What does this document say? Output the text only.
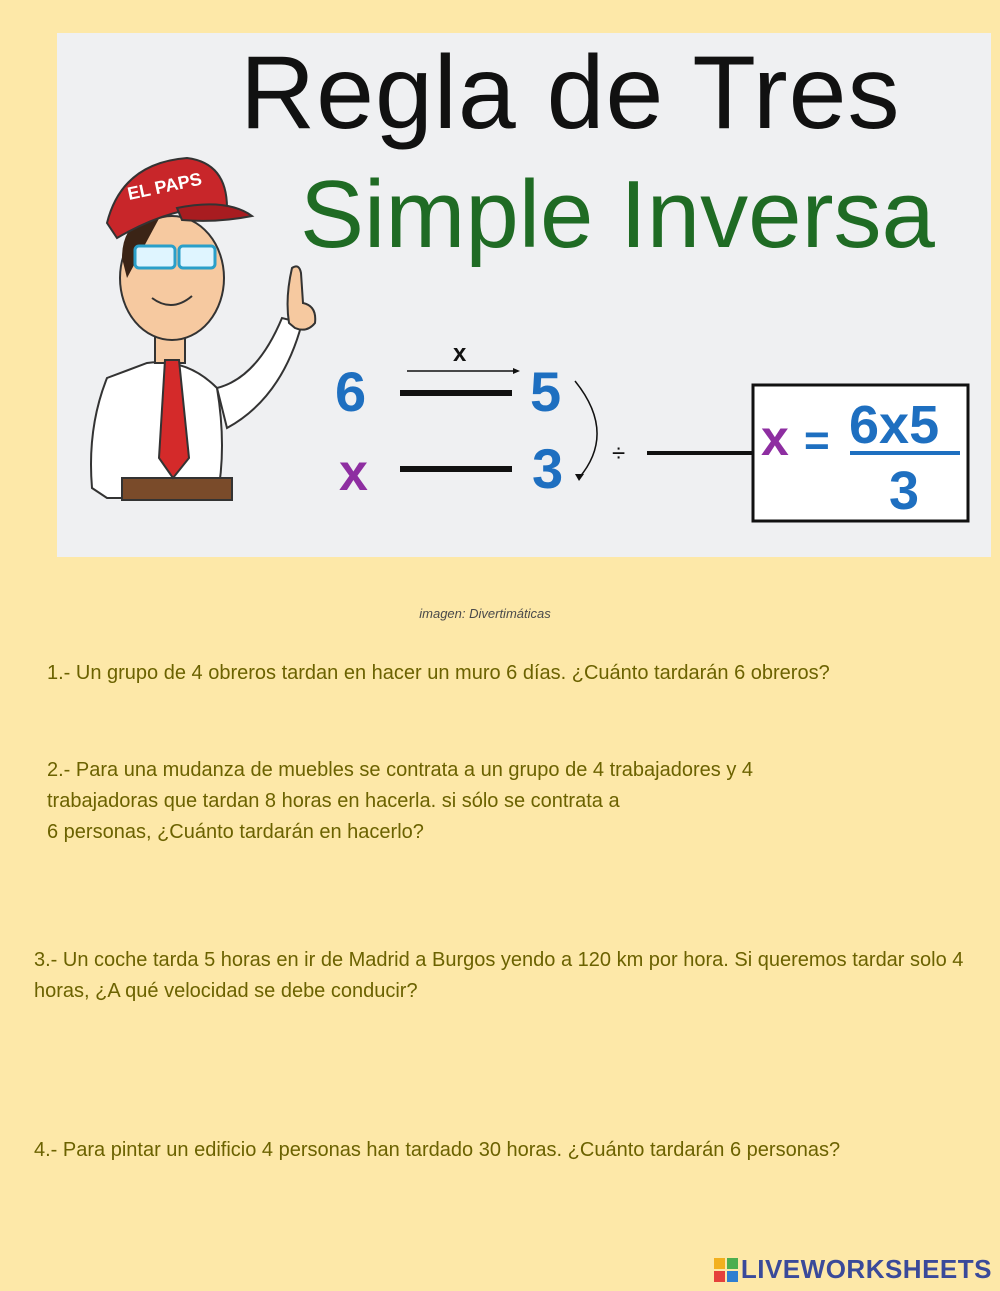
Regla de Tres
Simple Inversa
EL PAPS
x
6	5
x	3 ÷	x = 6x5
3
imagen: Divertimáticas
1.- Un grupo de 4 obreros tardan en hacer un muro 6 días. ¿Cuánto tardarán 6 obreros?
2.- Para una mudanza de muebles se contrata a un grupo de 4 trabajadores y 4
trabajadoras que tardan 8 horas en hacerla. si sólo se contrata a
6 personas, ¿Cuánto tardarán en hacerlo?
3.- Un coche tarda 5 horas en ir de Madrid a Burgos yendo a 120 km por hora. Si queremos tardar solo 4 horas, ¿A qué velocidad se debe conducir?
4.- Para pintar un edificio 4 personas han tardado 30 horas. ¿Cuánto tardarán 6 personas?
LIVEWORKSHEETS
